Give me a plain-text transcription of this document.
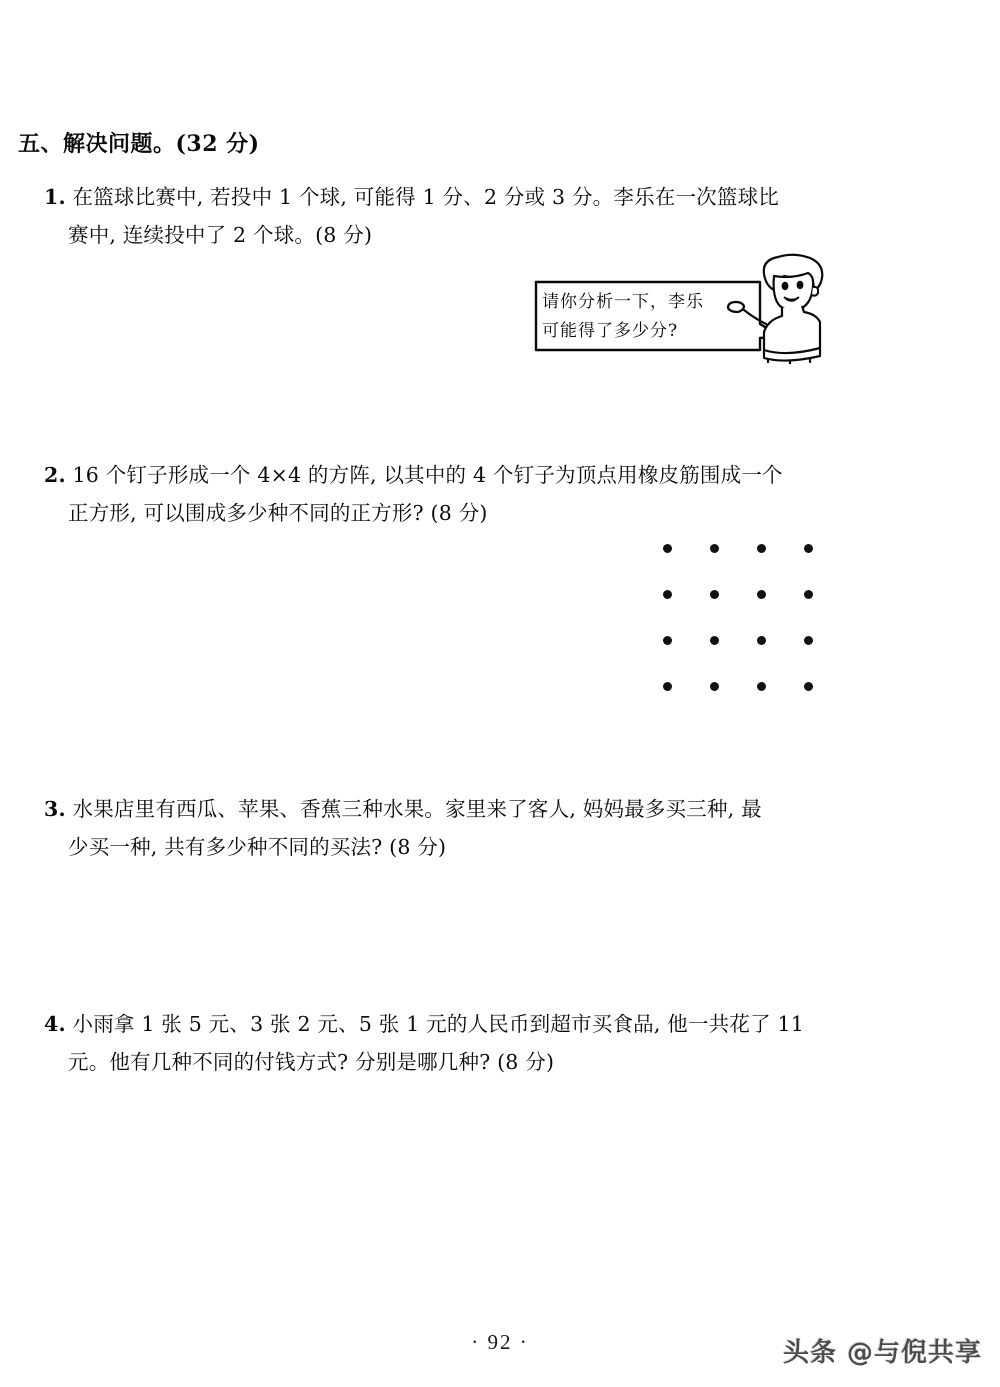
五、解决问题。(32 分)
1. 在篮球比赛中, 若投中 1 个球, 可能得 1 分、2 分或 3 分。李乐在一次篮球比
赛中, 连续投中了 2 个球。(8 分)
请你分析一下，李乐
可能得了多少分?
2. 16 个钉子形成一个 4×4 的方阵, 以其中的 4 个钉子为顶点用橡皮筋围成一个
正方形, 可以围成多少种不同的正方形? (8 分)
3. 水果店里有西瓜、苹果、香蕉三种水果。家里来了客人, 妈妈最多买三种, 最
少买一种, 共有多少种不同的买法? (8 分)
4. 小雨拿 1 张 5 元、3 张 2 元、5 张 1 元的人民币到超市买食品, 他一共花了 11
元。他有几种不同的付钱方式? 分别是哪几种? (8 分)
· 92 ·	头条 @与倪共享
